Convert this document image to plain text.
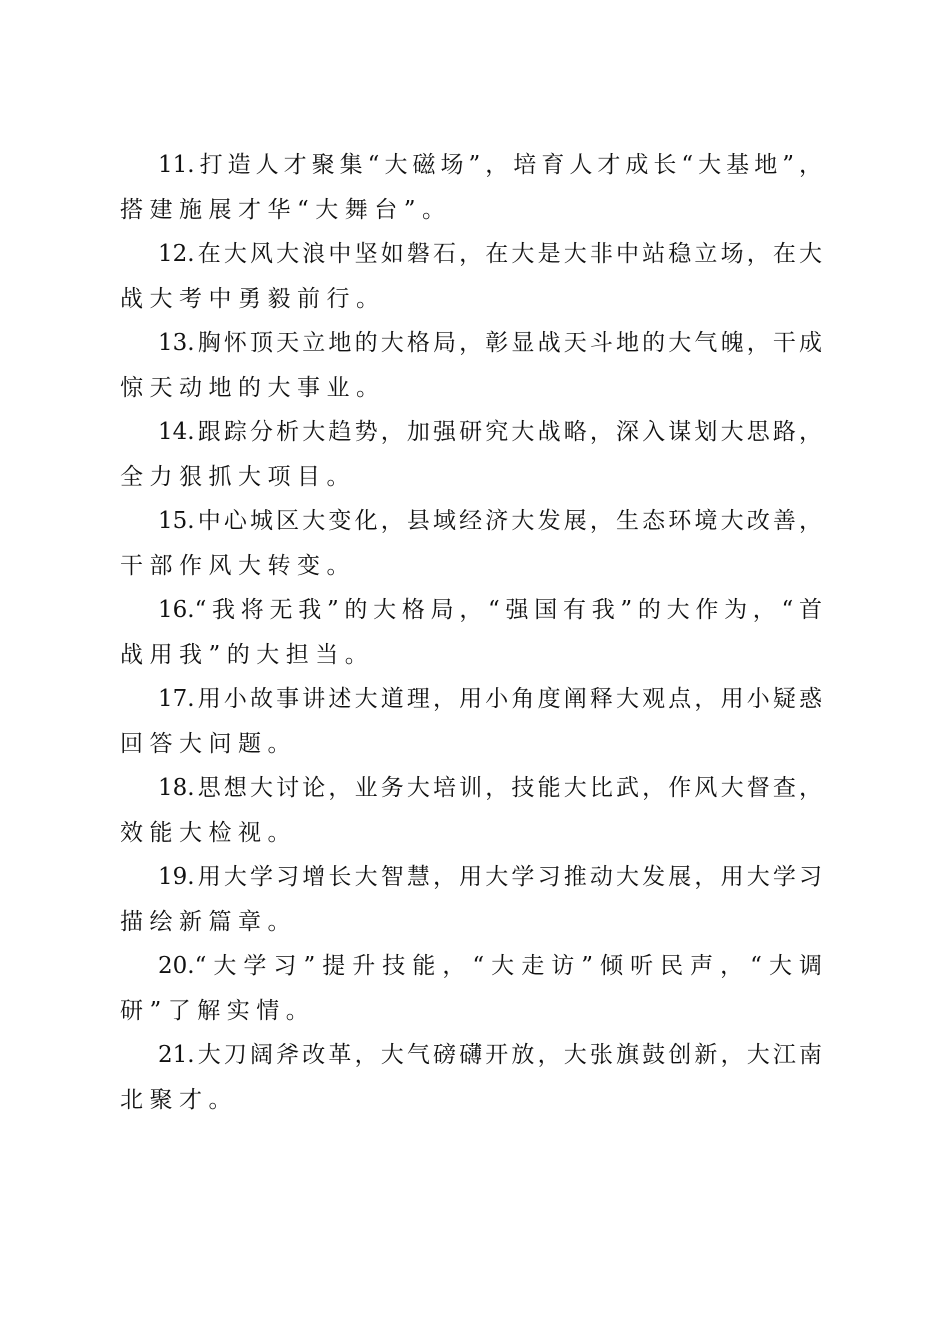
11.打造人才聚集“大磁场”，培育人才成长“大基地”，
搭建施展才华“大舞台”。
12.在大风大浪中坚如磐石，在大是大非中站稳立场，在大
战大考中勇毅前行。
13.胸怀顶天立地的大格局，彰显战天斗地的大气魄，干成
惊天动地的大事业。
14.跟踪分析大趋势，加强研究大战略，深入谋划大思路，
全力狠抓大项目。
15.中心城区大变化，县域经济大发展，生态环境大改善，
干部作风大转变。
16.“我将无我”的大格局，“强国有我”的大作为，“首
战用我”的大担当。
17.用小故事讲述大道理，用小角度阐释大观点，用小疑惑
回答大问题。
18.思想大讨论，业务大培训，技能大比武，作风大督查，
效能大检视。
19.用大学习增长大智慧，用大学习推动大发展，用大学习
描绘新篇章。
20.“大学习”提升技能，“大走访”倾听民声，“大调
研”了解实情。
21.大刀阔斧改革，大气磅礴开放，大张旗鼓创新，大江南
北聚才。
